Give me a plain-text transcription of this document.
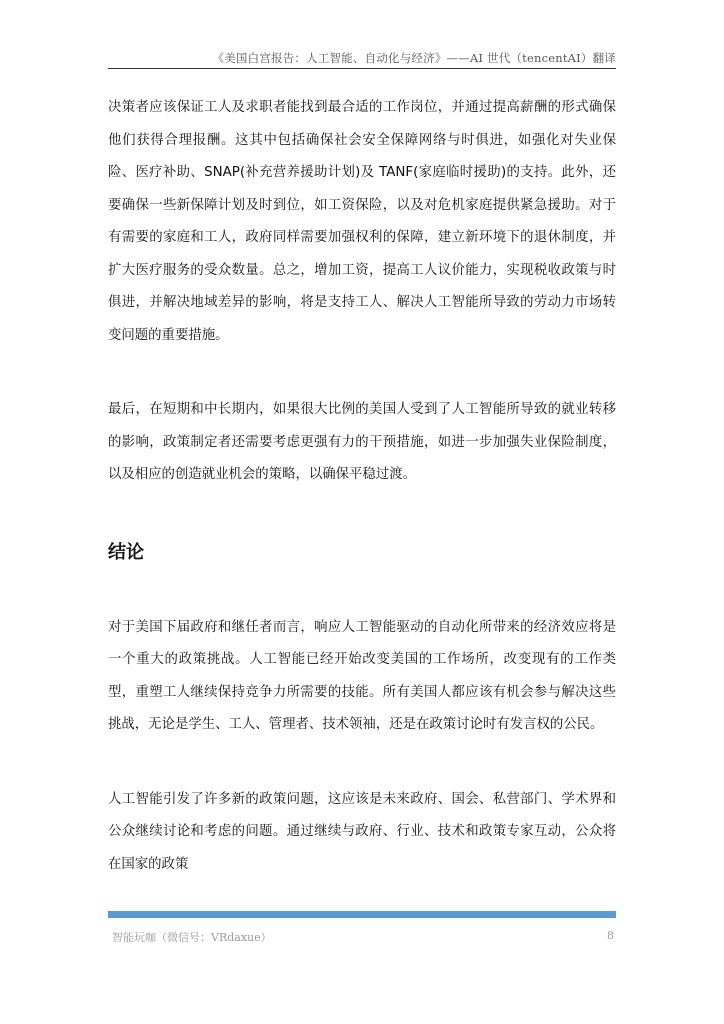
《美国白宫报告：人工智能、自动化与经济》——AI 世代（tencentAI）翻译

决策者应该保证工人及求职者能找到最合适的工作岗位，并通过提高薪酬的形式确保他们获得合理报酬。这其中包括确保社会安全保障网络与时俱进，如强化对失业保险、医疗补助、SNAP(补充营养援助计划)及 TANF(家庭临时援助)的支持。此外，还要确保一些新保障计划及时到位，如工资保险，以及对危机家庭提供紧急援助。对于有需要的家庭和工人，政府同样需要加强权利的保障，建立新环境下的退休制度，并扩大医疗服务的受众数量。总之，增加工资，提高工人议价能力，实现税收政策与时俱进，并解决地域差异的影响，将是支持工人、解决人工智能所导致的劳动力市场转变问题的重要措施。

最后，在短期和中长期内，如果很大比例的美国人受到了人工智能所导致的就业转移的影响，政策制定者还需要考虑更强有力的干预措施，如进一步加强失业保险制度，以及相应的创造就业机会的策略，以确保平稳过渡。

结论

对于美国下届政府和继任者而言，响应人工智能驱动的自动化所带来的经济效应将是一个重大的政策挑战。人工智能已经开始改变美国的工作场所，改变现有的工作类型，重塑工人继续保持竞争力所需要的技能。所有美国人都应该有机会参与解决这些挑战，无论是学生、工人、管理者、技术领袖，还是在政策讨论时有发言权的公民。

人工智能引发了许多新的政策问题，这应该是未来政府、国会、私营部门、学术界和公众继续讨论和考虑的问题。通过继续与政府、行业、技术和政策专家互动，公众将在国家的政策

智能玩咖（微信号：VRdaxue）	8
